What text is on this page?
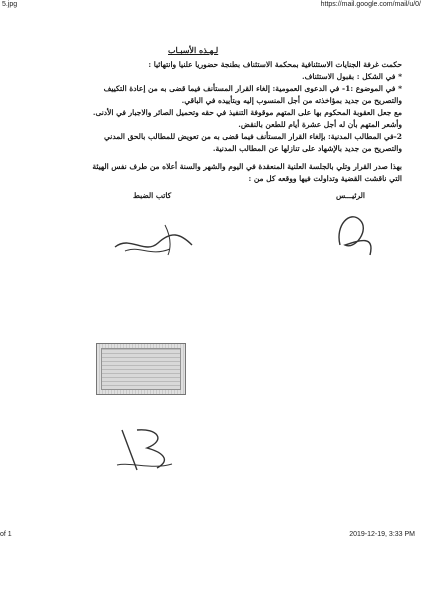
5.jpg	https://mail.google.com/mail/u/0/
لـهـذه الأسبـاب
حكمت غرفة الجنايات الاستئنافية بمحكمة الاستئناف بطنجة حضوريا علنيا وانتهائيا :
* في الشكل : بقبول الاستئناف.
* في الموضوع :1- في الدعوى العمومية: إلغاء القرار المستأنف فيما قضى به من إعادة التكييف
والتصريح من جديد بمؤاخذته من أجل المنسوب إليه وبتأييده في الباقي.
مع جعل العقوبة المحكوم بها على المتهم موقوفة التنفيذ في حقه وتحميل الصائر والاجبار في الأدنى.
وأشعر المتهم بأن له أجل عشرة أيام للطعن بالنقض.
2-في المطالب المدنية: بإلغاء القرار المستأنف فيما قضى به من تعويض للمطالب بالحق المدني
والتصريح من جديد بالإشهاد على تنازلها عن المطالب المدنية.
بهذا صدر القرار وتلي بالجلسة العلنية المنعقدة في اليوم والشهر والسنة أعلاه من طرف نفس الهيئة
التي ناقشت القضية وتداولت فيها ووقعه كل من :
الرئيـــس
كاتب الضبط
of 1	2019-12-19, 3:33 PM
